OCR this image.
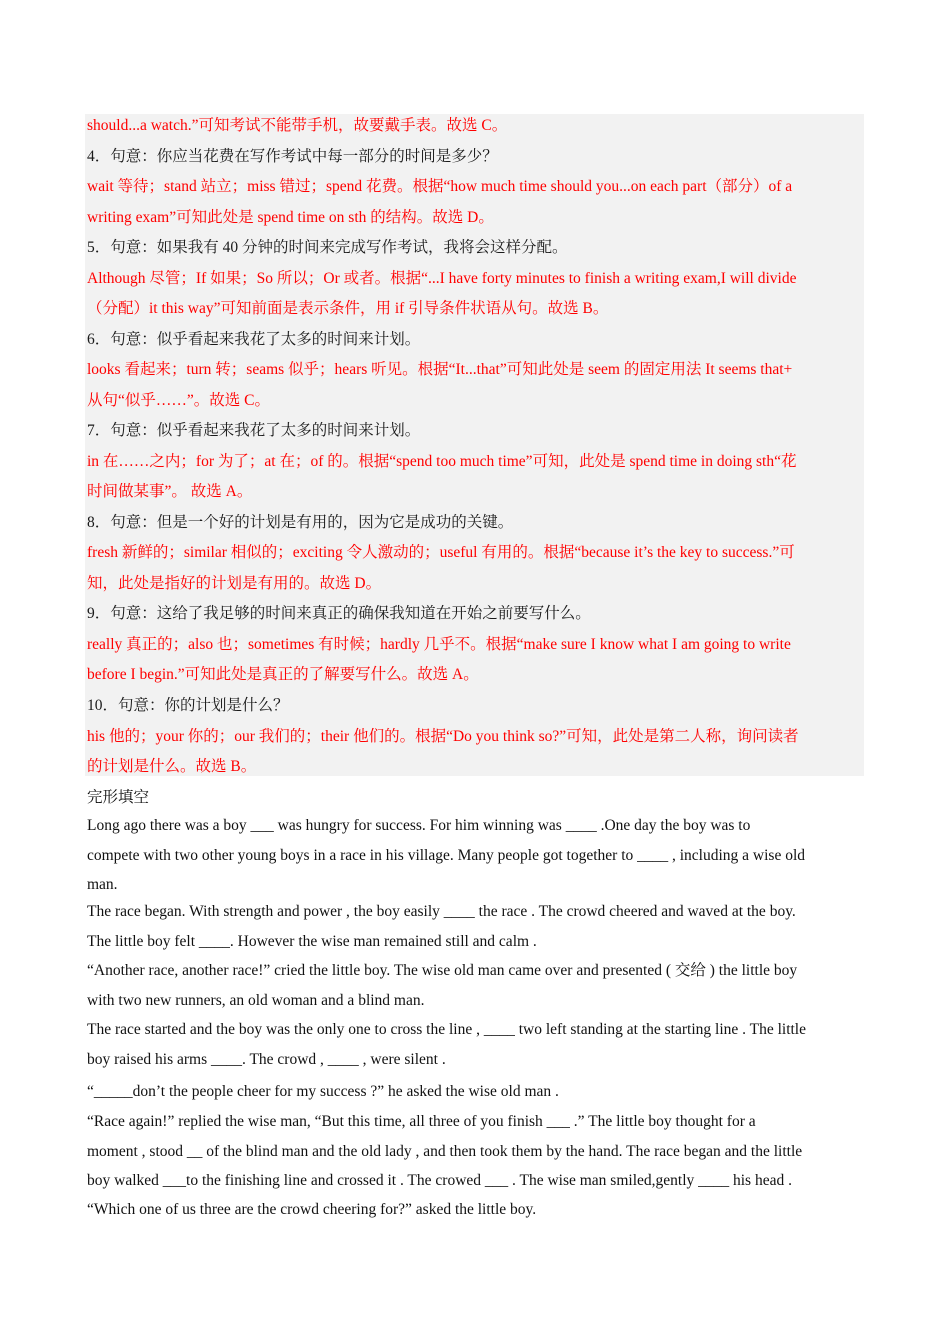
should...a watch.”可知考试不能带手机，故要戴手表。故选 C。
4．句意：你应当花费在写作考试中每一部分的时间是多少？
wait 等待；stand 站立；miss 错过；spend 花费。根据“how much time should you...on each part（部分）of a
writing exam”可知此处是 spend time on sth 的结构。故选 D。
5．句意：如果我有 40 分钟的时间来完成写作考试，我将会这样分配。
Although 尽管；If 如果；So 所以；Or 或者。根据“...I have forty minutes to finish a writing exam,I will divide
（分配）it this way”可知前面是表示条件，用 if 引导条件状语从句。故选 B。
6．句意：似乎看起来我花了太多的时间来计划。
looks 看起来；turn 转；seams 似乎；hears 听见。根据“It...that”可知此处是 seem 的固定用法 It seems that+
从句“似乎……”。故选 C。
7．句意：似乎看起来我花了太多的时间来计划。
in 在……之内；for 为了；at 在；of 的。根据“spend too much time”可知，此处是 spend time in doing sth“花
时间做某事”。 故选 A。
8．句意：但是一个好的计划是有用的，因为它是成功的关键。
fresh 新鲜的；similar 相似的；exciting 令人激动的；useful 有用的。根据“because it’s the key to success.”可
知，此处是指好的计划是有用的。故选 D。
9．句意：这给了我足够的时间来真正的确保我知道在开始之前要写什么。
really 真正的；also 也；sometimes 有时候；hardly 几乎不。根据“make sure I know what I am going to write
before I begin.”可知此处是真正的了解要写什么。故选 A。
10．句意：你的计划是什么？
his 他的；your 你的；our 我们的；their 他们的。根据“Do you think so?”可知，此处是第二人称，询问读者
的计划是什么。故选 B。
完形填空
Long ago there was a boy ___ was hungry for success. For him winning was ____ .One day the boy was to
compete with two other young boys in a race in his village. Many people got together to ____ , including a wise old
man.
The race began. With strength and power , the boy easily ____ the race . The crowd cheered and waved at the boy.
The little boy felt ____. However the wise man remained still and calm .
“Another race, another race!” cried the little boy. The wise old man came over and presented ( 交给 ) the little boy
with two new runners, an old woman and a blind man.
The race started and the boy was the only one to cross the line , ____ two left standing at the starting line . The little
boy raised his arms ____. The crowd , ____ , were silent .
“_____don’t the people cheer for my success ?” he asked the wise old man .
“Race again!” replied the wise man, “But this time, all three of you finish ___ .” The little boy thought for a
moment , stood __ of the blind man and the old lady , and then took them by the hand. The race began and the little
boy walked ___to the finishing line and crossed it . The crowed ___ . The wise man smiled,gently ____ his head .
“Which one of us three are the crowd cheering for?” asked the little boy.
